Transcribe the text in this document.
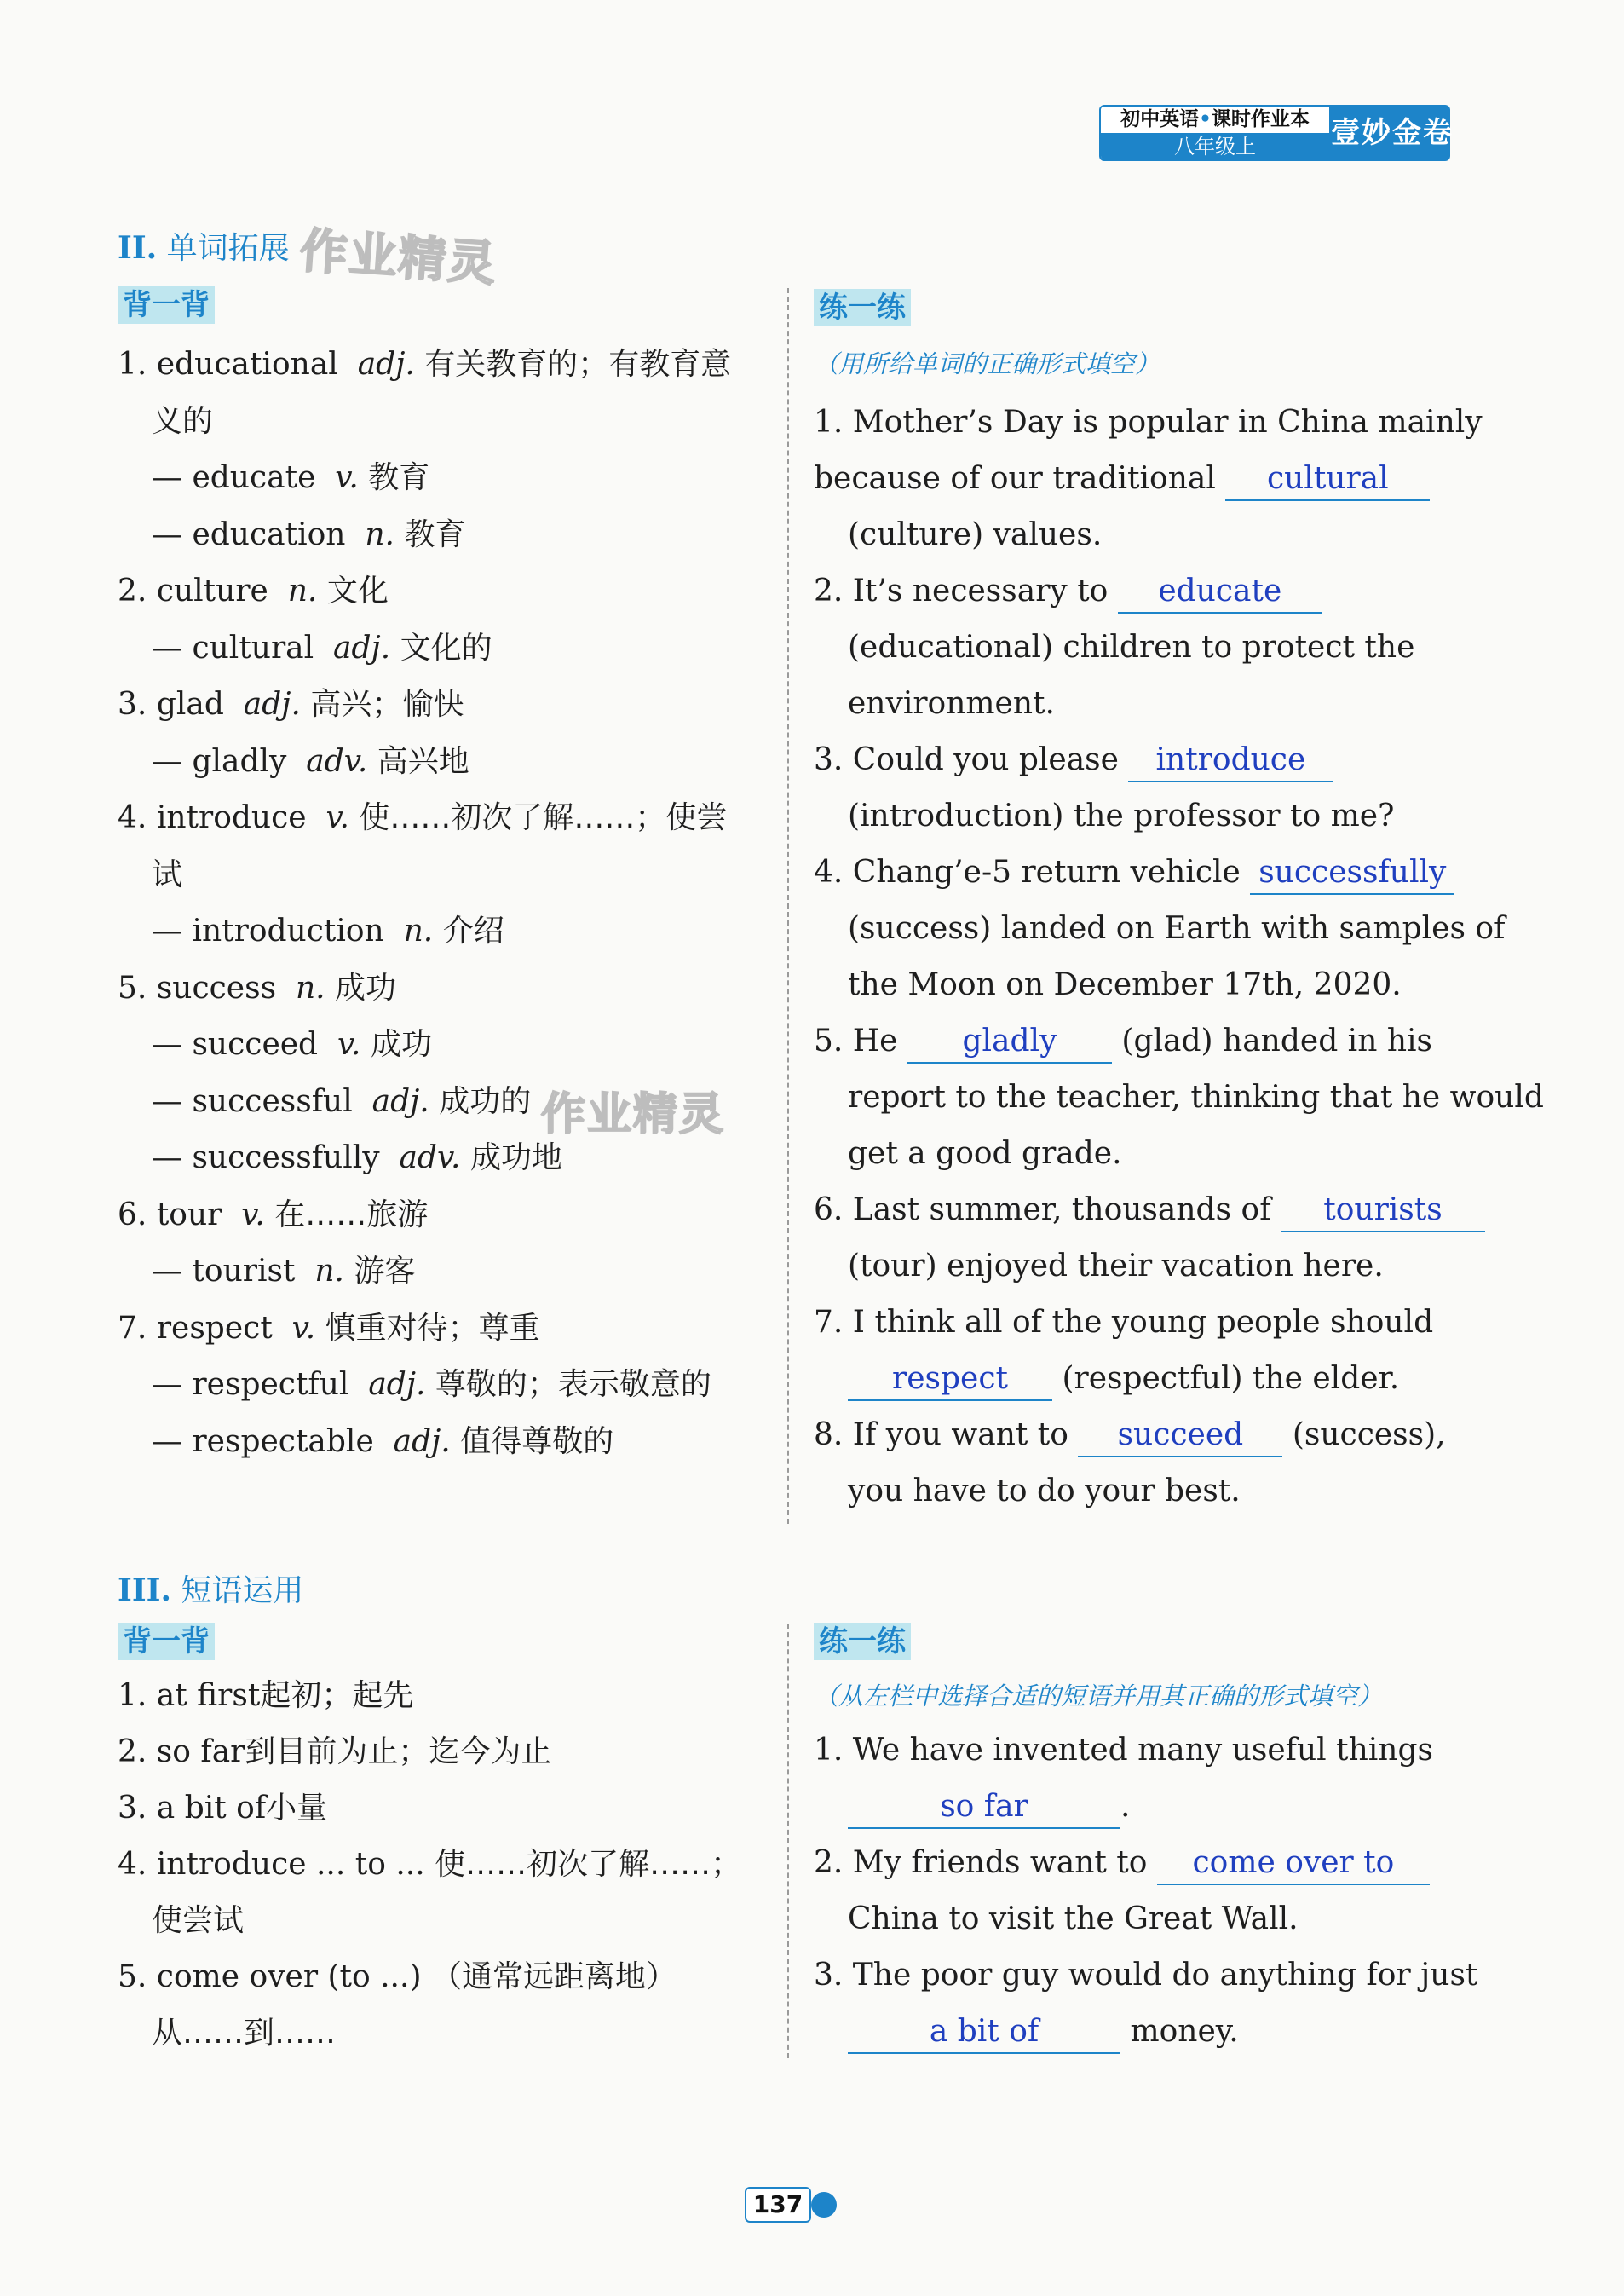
初中英语•课时作业本
八年级上	壹妙金卷
II. 单词拓展 作业精灵
背一背	练一练
（用所给单词的正确形式填空）
1. educational adj. 有关教育的；有教育意
义的
— educate v. 教育
— education n. 教育
2. culture n. 文化
— cultural adj. 文化的
3. glad adj. 高兴；愉快
— gladly adv. 高兴地
4. introduce v. 使……初次了解……；使尝
试
— introduction n. 介绍
5. success n. 成功
— succeed v. 成功
— successful adj. 成功的
— successfully adv. 成功地
6. tour v. 在……旅游
— tourist n. 游客
7. respect v. 慎重对待；尊重
— respectful adj. 尊敬的；表示敬意的
— respectable adj. 值得尊敬的
作业精灵
1. Mother’s Day is popular in China mainly
because of our traditional cultural
(culture) values.
2. It’s necessary to educate
(educational) children to protect the
environment.
3. Could you please introduce
(introduction) the professor to me?
4. Chang’e-5 return vehicle successfully
(success) landed on Earth with samples of
the Moon on December 17th, 2020.
5. He gladly (glad) handed in his
report to the teacher, thinking that he would
get a good grade.
6. Last summer, thousands of tourists
(tour) enjoyed their vacation here.
7. I think all of the young people should
respect (respectful) the elder.
8. If you want to succeed (success),
you have to do your best.
III. 短语运用
背一背	练一练
（从左栏中选择合适的短语并用其正确的形式填空）
1. at first起初；起先
2. so far到目前为止；迄今为止
3. a bit of小量
4. introduce ... to ... 使……初次了解……；
使尝试
5. come over (to ...) （通常远距离地）
从……到……
1. We have invented many useful things
so far	.
2. My friends want to come over to
China to visit the Great Wall.
3. The poor guy would do anything for just
a bit of	money.
137
